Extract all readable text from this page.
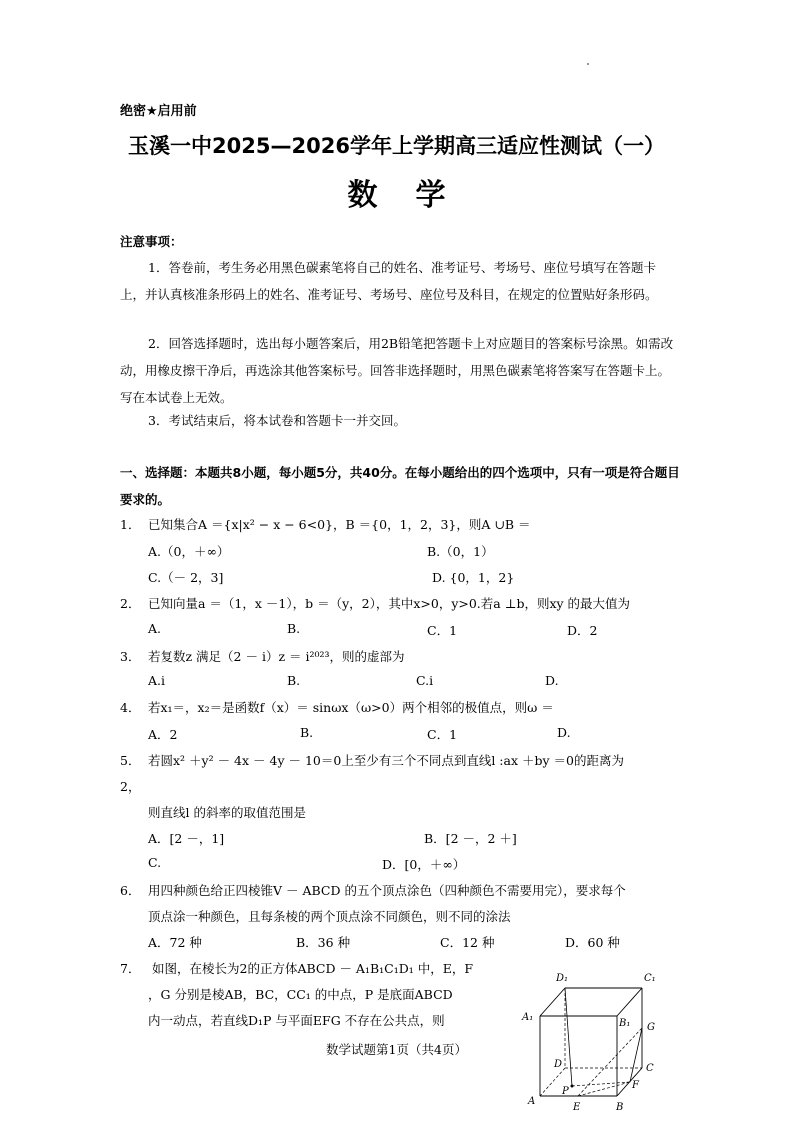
绝密★启用前
玉溪一中2025—2026学年上学期高三适应性测试（一）
数学
注意事项：
1．答卷前，考生务必用黑色碳素笔将自己的姓名、准考证号、考场号、座位号填写在答题卡上，并认真核准条形码上的姓名、准考证号、考场号、座位号及科目，在规定的位置贴好条形码。
2．回答选择题时，选出每小题答案后，用2B铅笔把答题卡上对应题目的答案标号涂黑。如需改动，用橡皮擦干净后，再选涂其他答案标号。回答非选择题时，用黑色碳素笔将答案写在答题卡上。写在本试卷上无效。
3．考试结束后，将本试卷和答题卡一并交回。
一、选择题：本题共8小题，每小题5分，共40分。在每小题给出的四个选项中，只有一项是符合题目要求的。
1． 已知集合A ＝{x|x² − x − 6<0}，B ＝{0，1，2，3}，则A ∪B ＝
A.（0，＋∞）	B.（0，1）
C.（－ 2，3]	D. {0，1，2}
2． 已知向量a ＝（1，x －1），b ＝（y，2），其中x>0，y>0.若a ⊥b，则xy 的最大值为
A.	B.	C．1	D．2
3． 若复数z 满足（2 － i）z ＝ i²⁰²³，则的虚部为
A.i	B.	C.i	D.
4． 若x₁＝，x₂＝是函数f（x）＝ sinωx（ω>0）两个相邻的极值点，则ω ＝
A．2	B.	C．1	D.
5． 若圆x² ＋y² － 4x － 4y － 10＝0上至少有三个不同点到直线l :ax ＋by ＝0的距离为
2，
则直线l 的斜率的取值范围是
A．[2 －，1]	B．[2 －，2 ＋]
C.	D．[0，＋∞）
6． 用四种颜色给正四棱锥V － ABCD 的五个顶点涂色（四种颜色不需要用完），要求每个
顶点涂一种颜色，且每条棱的两个顶点涂不同颜色，则不同的涂法
A．72 种	B．36 种	C．12 种	D．60 种
7． 如图，在棱长为2的正方体ABCD － A₁B₁C₁D₁ 中，E，F
，G 分别是棱AB，BC，CC₁ 的中点，P 是底面ABCD
内一动点，若直线D₁P 与平面EFG 不存在公共点，则
D₁	C₁
A₁
B₁ G
D	C
P
F
A
E	B
数学试题第1页（共4页）
